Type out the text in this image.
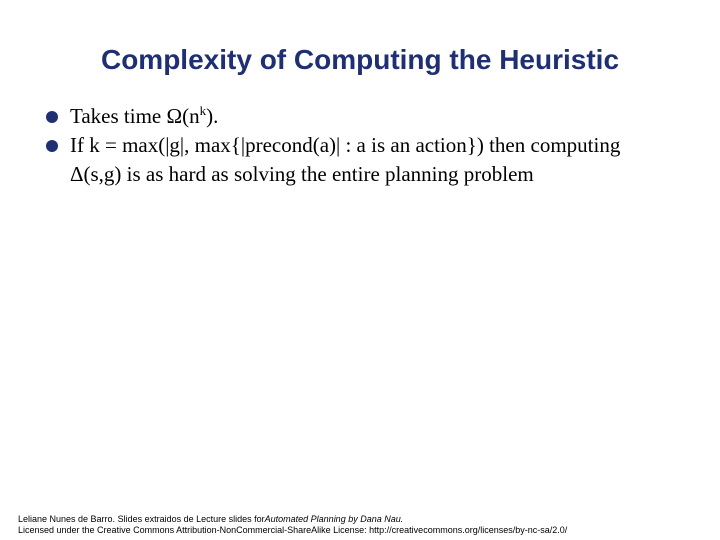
Complexity of Computing the Heuristic
Takes time $\Omega(n^k)$.
If k = max(|g|, max{|precond(a)| : a is an action}) then computing Δ(s,g) is as hard as solving the entire planning problem
Leliane Nunes de Barro. Slides extraidos de Lecture slides forAutomated Planning by Dana Nau.
Licensed under the Creative Commons Attribution-NonCommercial-ShareAlike License: http://creativecommons.org/licenses/by-nc-sa/2.0/
